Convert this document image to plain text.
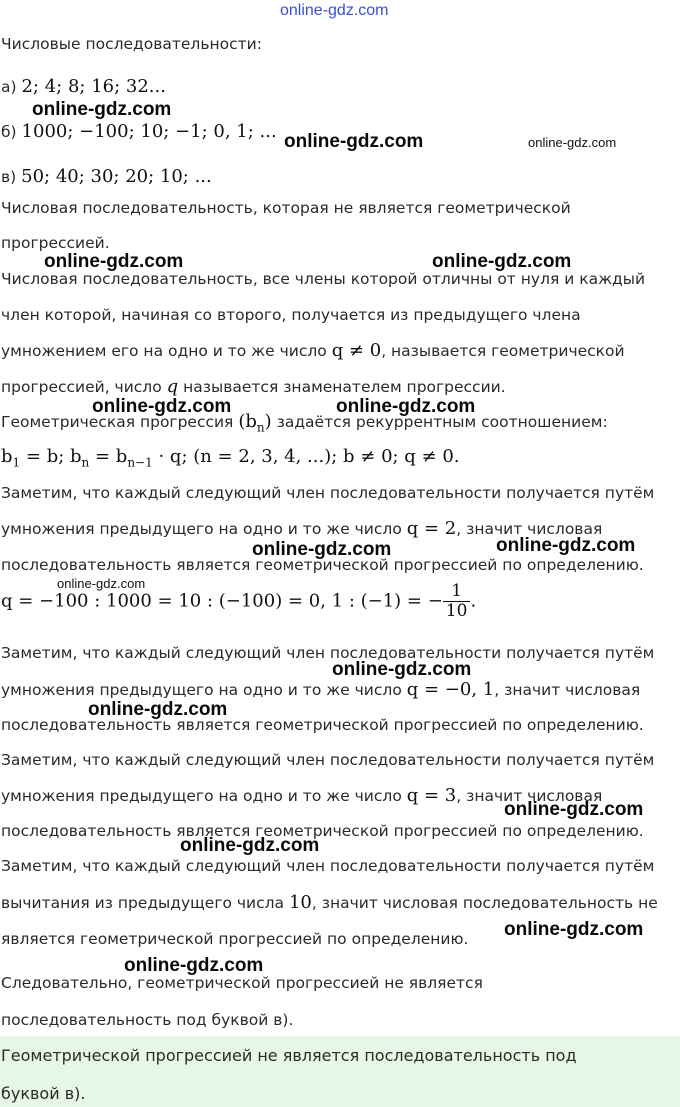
online-gdz.com
Числовые последовательности:
а) 2; 4; 8; 16; 32...
б) 1000; −100; 10; −1; 0, 1; ...
в) 50; 40; 30; 20; 10; ...
Числовая последовательность, которая не является геометрической
прогрессией.
Числовая последовательность, все члены которой отличны от нуля и каждый
член которой, начиная со второго, получается из предыдущего члена
умножением его на одно и то же число q ≠ 0, называется геометрической
прогрессией, число q называется знаменателем прогрессии.
Геометрическая прогрессия $(b_n)$ задаётся рекуррентным соотношением:
$b_1 = b$; $b_n = b_{n-1} \cdot q$; (n = 2, 3, 4, ...); b ≠ 0; q ≠ 0.
Заметим, что каждый следующий член последовательности получается путём
умножения предыдущего на одно и то же число q = 2, значит числовая
последовательность является геометрической прогрессией по определению.
q = −100 : 1000 = 10 : (−100) = 0, 1 : (−1) = − $\frac{1}{10}$ .
Заметим, что каждый следующий член последовательности получается путём
умножения предыдущего на одно и то же число q = −0, 1, значит числовая
последовательность является геометрической прогрессией по определению.
Заметим, что каждый следующий член последовательности получается путём
умножения предыдущего на одно и то же число q = 3, значит числовая
последовательность является геометрической прогрессией по определению.
Заметим, что каждый следующий член последовательности получается путём
вычитания из предыдущего числа 10, значит числовая последовательность не
является геометрической прогрессией по определению.
Следовательно, геометрической прогрессией не является
последовательность под буквой в).
Геометрической прогрессией не является последовательность под
буквой в).
online-gdz.com
online-gdz.com	online-gdz.com
online-gdz.com	online-gdz.com
online-gdz.com	online-gdz.com
online-gdz.com	online-gdz.com
online-gdz.com
online-gdz.com
online-gdz.com
online-gdz.com
online-gdz.com
online-gdz.com
online-gdz.com
